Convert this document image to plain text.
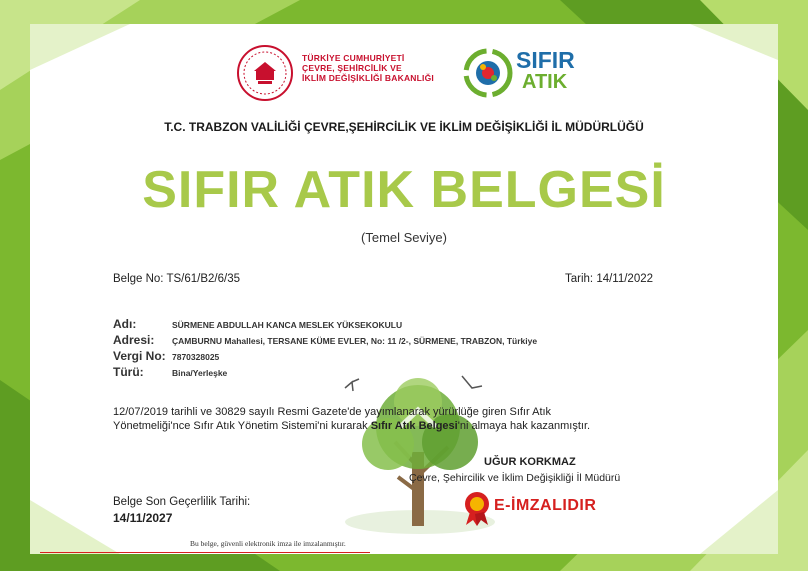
TÜRKİYE CUMHURİYETİ
ÇEVRE, ŞEHİRCİLİK VE
İKLİM DEĞİŞİKLİĞİ BAKANLIĞI
SIFIR
ATIK
T.C. TRABZON VALİLİĞİ ÇEVRE,ŞEHİRCİLİK VE İKLİM DEĞİŞİKLİĞİ İL MÜDÜRLÜĞÜ
SIFIR ATIK BELGESİ
(Temel Seviye)
Belge No: TS/61/B2/6/35	Tarih: 14/11/2022
Adı:	SÜRMENE ABDULLAH KANCA MESLEK YÜKSEKOKULU
Adresi: ÇAMBURNU Mahallesi, TERSANE KÜME EVLER, No: 11 /2-, SÜRMENE, TRABZON, Türkiye
Vergi No: 7870328025
Türü:	Bina/Yerleşke
12/07/2019 tarihli ve 30829 sayılı Resmi Gazete'de yayımlanarak yürürlüğe giren Sıfır Atık
Yönetmeliği'nce Sıfır Atık Yönetim Sistemi'ni kurarak Sıfır Atık Belgesi'ni almaya hak kazanmıştır.
UĞUR KORKMAZ
Çevre, Şehircilik ve İklim Değişikliği İl Müdürü
E-İMZALIDIR
Belge Son Geçerlilik Tarihi:
14/11/2027
Bu belge, güvenli elektronik imza ile imzalanmıştır.
